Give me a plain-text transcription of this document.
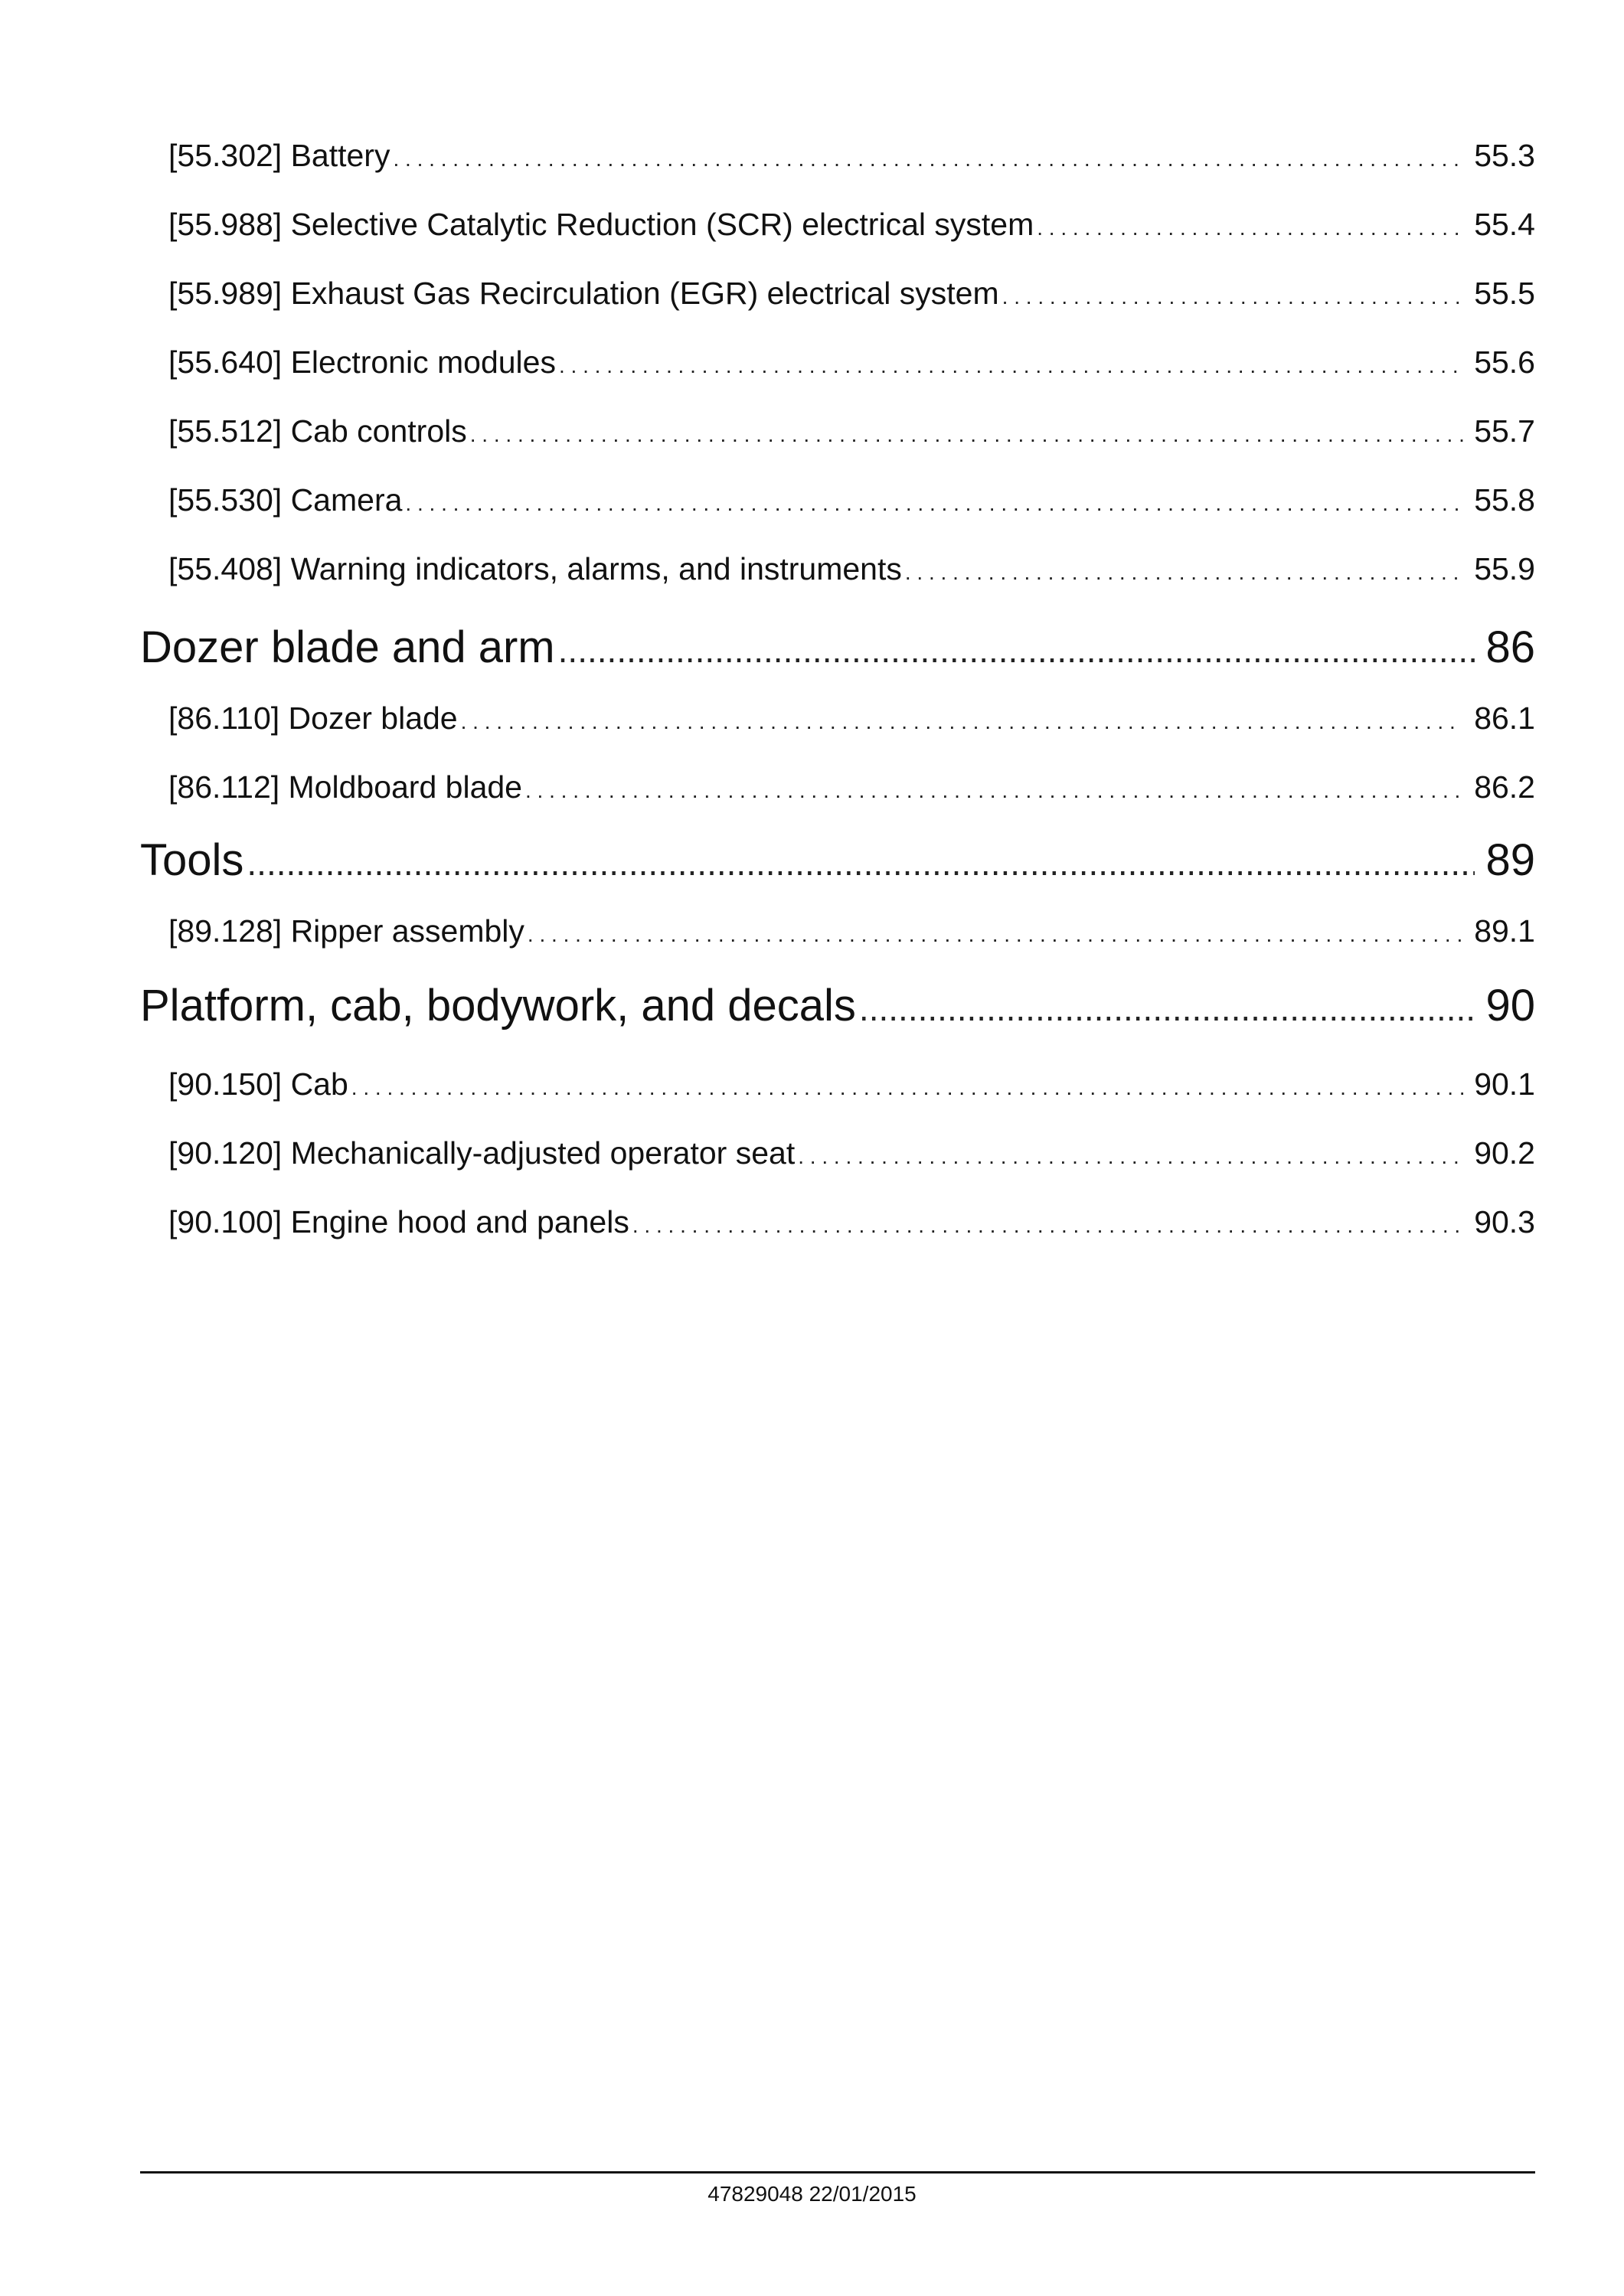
[55.302] Battery . . .	55.3
[55.988] Selective Catalytic Reduction (SCR) electrical system . . .	55.4
[55.989] Exhaust Gas Recirculation (EGR) electrical system . . .	55.5
[55.640] Electronic modules . . .	55.6
[55.512] Cab controls . . .	55.7
[55.530] Camera . . .	55.8
[55.408] Warning indicators, alarms, and instruments . . .	55.9
Dozer blade and arm .....	86
[86.110] Dozer blade . . .	86.1
[86.112] Moldboard blade . . .	86.2
Tools .....	89
[89.128] Ripper assembly . . .	89.1
Platform, cab, bodywork, and decals .....	90
[90.150] Cab . . .	90.1
[90.120] Mechanically-adjusted operator seat . . .	90.2
[90.100] Engine hood and panels . . .	90.3
47829048 22/01/2015
